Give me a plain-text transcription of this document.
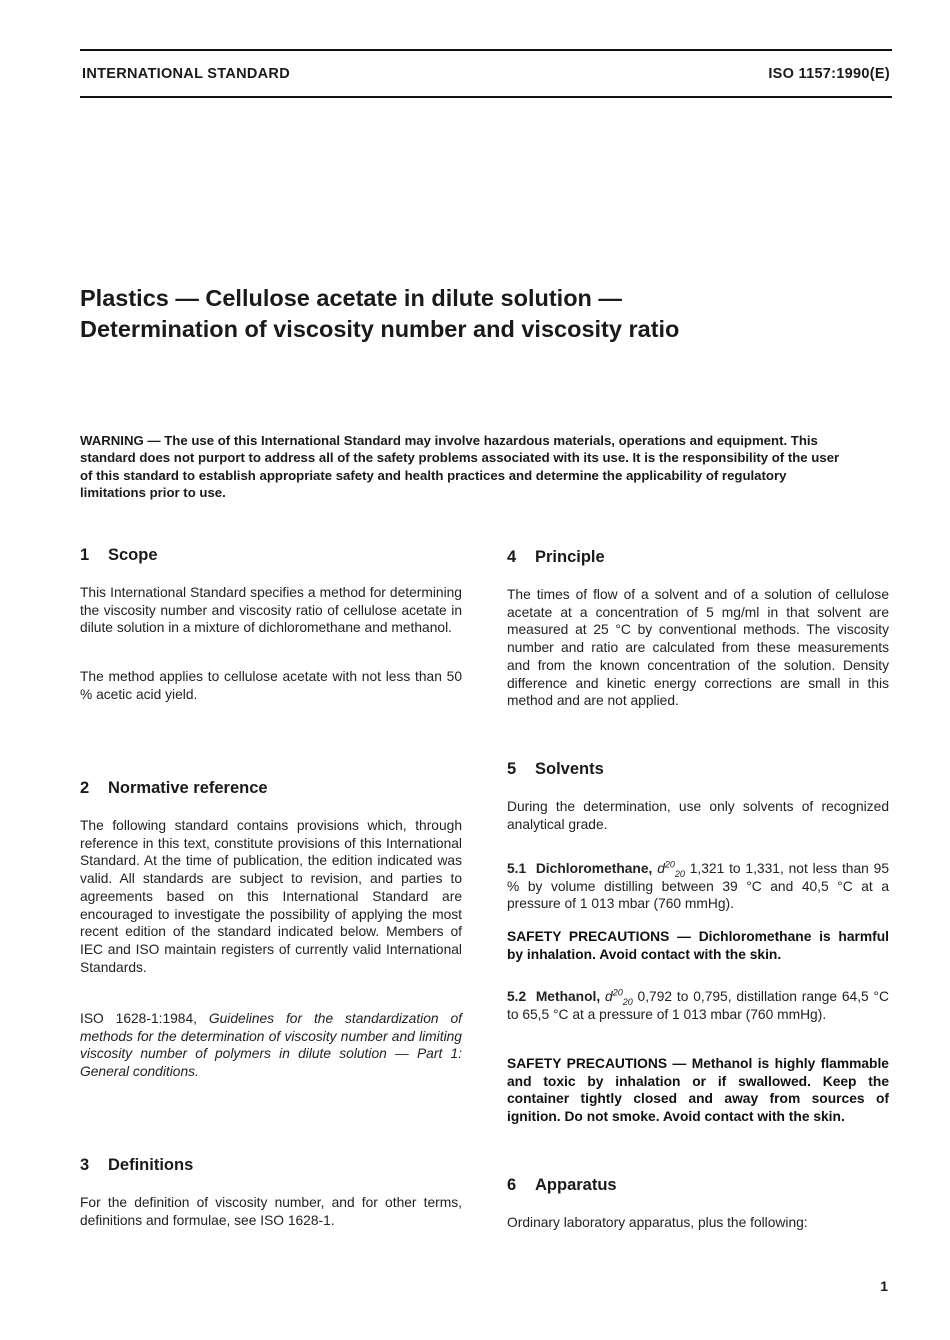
INTERNATIONAL STANDARD	ISO 1157:1990(E)
Plastics — Cellulose acetate in dilute solution —
Determination of viscosity number and viscosity ratio
WARNING — The use of this International Standard may involve hazardous materials, operations and equipment. This standard does not purport to address all of the safety problems associated with its use. It is the responsibility of the user of this standard to establish appropriate safety and health practices and determine the applicability of regulatory limitations prior to use.
1 Scope
This International Standard specifies a method for determining the viscosity number and viscosity ratio of cellulose acetate in dilute solution in a mixture of dichloromethane and methanol.
The method applies to cellulose acetate with not less than 50 % acetic acid yield.
2 Normative reference
The following standard contains provisions which, through reference in this text, constitute provisions of this International Standard. At the time of publication, the edition indicated was valid. All standards are subject to revision, and parties to agreements based on this International Standard are encouraged to investigate the possibility of applying the most recent edition of the standard indicated below. Members of IEC and ISO maintain registers of currently valid International Standards.
ISO 1628-1:1984, Guidelines for the standardization of methods for the determination of viscosity number and limiting viscosity number of polymers in dilute solution — Part 1: General conditions.
3 Definitions
For the definition of viscosity number, and for other terms, definitions and formulae, see ISO 1628-1.
4 Principle
The times of flow of a solvent and of a solution of cellulose acetate at a concentration of 5 mg/ml in that solvent are measured at 25 °C by conventional methods. The viscosity number and ratio are calculated from these measurements and from the known concentration of the solution. Density difference and kinetic energy corrections are small in this method and are not applied.
5 Solvents
During the determination, use only solvents of recognized analytical grade.
5.1 Dichloromethane, $d^{20}_{20}$ 1,321 to 1,331, not less than 95 % by volume distilling between 39 °C and 40,5 °C at a pressure of 1 013 mbar (760 mmHg).
SAFETY PRECAUTIONS — Dichloromethane is harmful by inhalation. Avoid contact with the skin.
5.2 Methanol, $d^{20}_{20}$ 0,792 to 0,795, distillation range 64,5 °C to 65,5 °C at a pressure of 1 013 mbar (760 mmHg).
SAFETY PRECAUTIONS — Methanol is highly flammable and toxic by inhalation or if swallowed. Keep the container tightly closed and away from sources of ignition. Do not smoke. Avoid contact with the skin.
6 Apparatus
Ordinary laboratory apparatus, plus the following:
1
